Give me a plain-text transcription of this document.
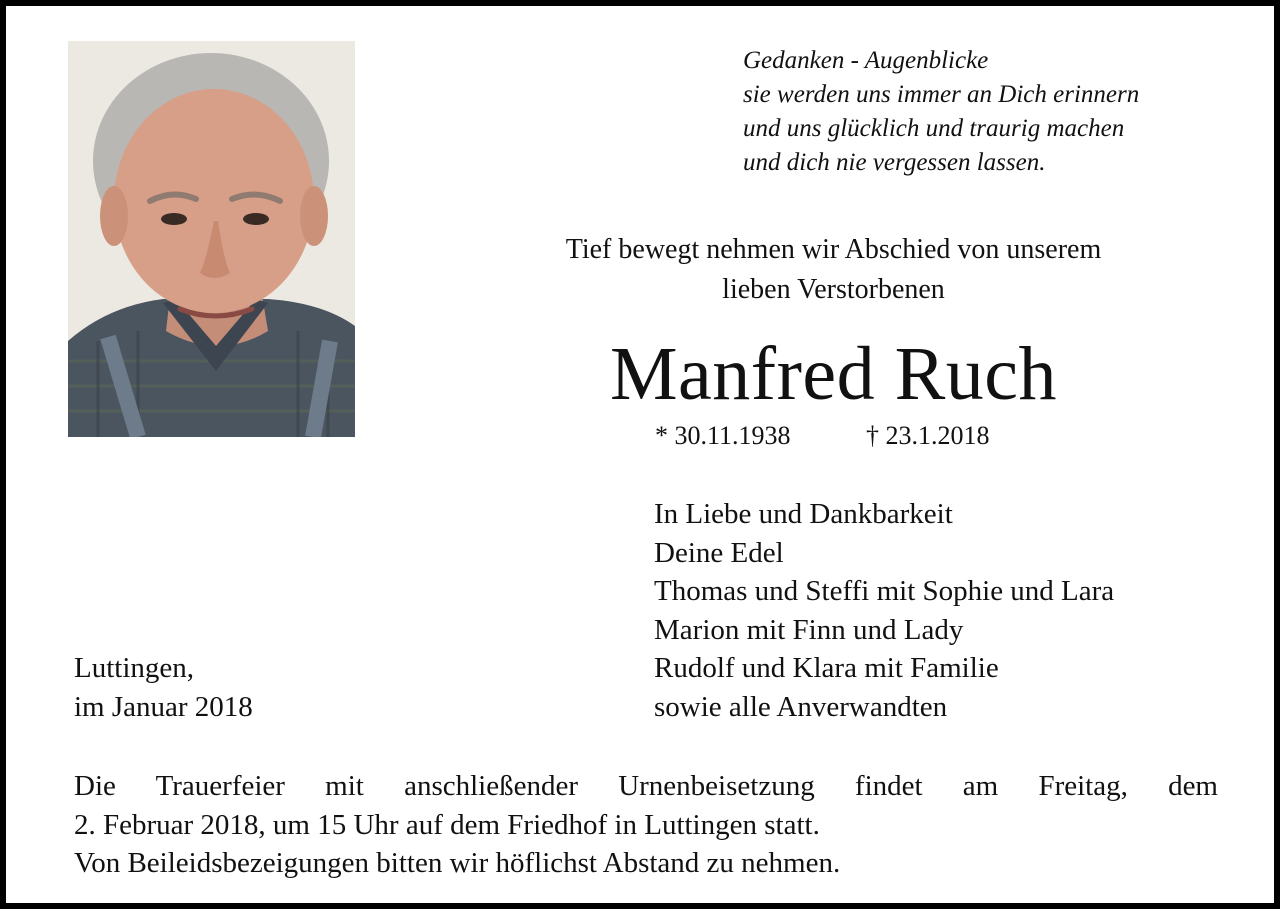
Gedanken - Augenblicke
sie werden uns immer an Dich erinnern
und uns glücklich und traurig machen
und dich nie vergessen lassen.
Tief bewegt nehmen wir Abschied von unserem
lieben Verstorbenen
Manfred Ruch
* 30.11.1938	† 23.1.2018
In Liebe und Dankbarkeit
Deine Edel
Thomas und Steffi mit Sophie und Lara
Marion mit Finn und Lady
Rudolf und Klara mit Familie
sowie alle Anverwandten
Luttingen,
im Januar 2018
Die Trauerfeier mit anschließender Urnenbeisetzung findet am Freitag, dem
2. Februar 2018, um 15 Uhr auf dem Friedhof in Luttingen statt.
Von Beileidsbezeigungen bitten wir höflichst Abstand zu nehmen.
